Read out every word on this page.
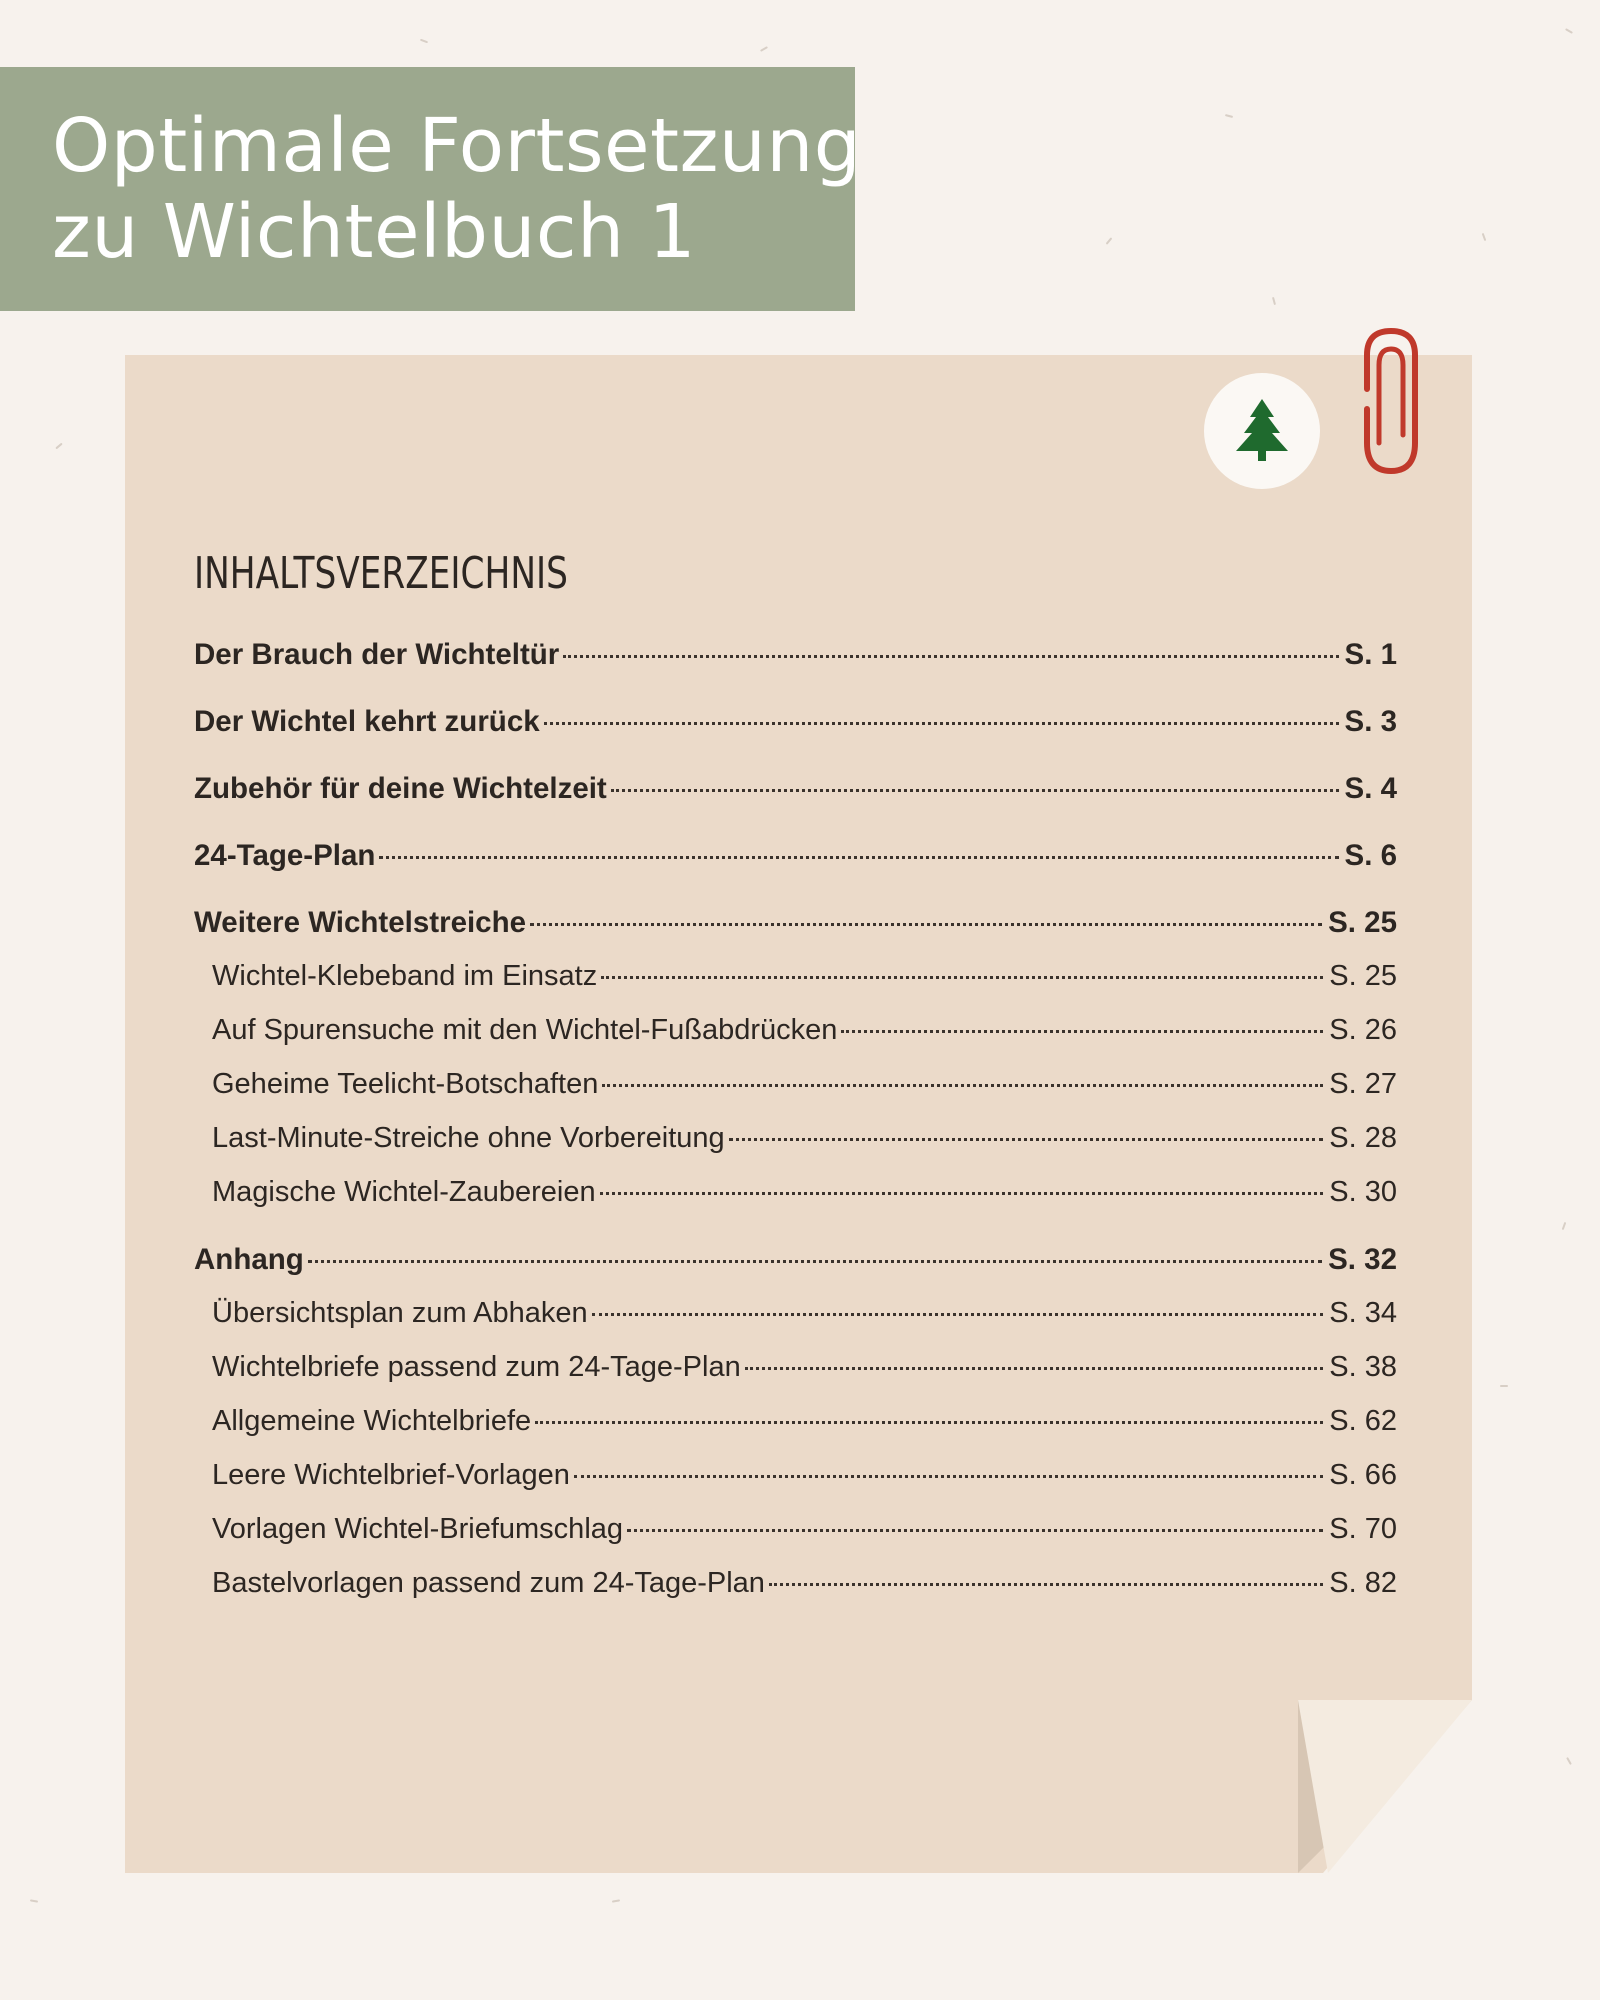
Optimale Fortsetzung
zu Wichtelbuch 1
INHALTSVERZEICHNIS
Der Brauch der Wichteltür	S. 1
Der Wichtel kehrt zurück	S. 3
Zubehör für deine Wichtelzeit	S. 4
24-Tage-Plan	S. 6
Weitere Wichtelstreiche	S. 25
Wichtel-Klebeband im Einsatz	S. 25
Auf Spurensuche mit den Wichtel-Fußabdrücken	S. 26
Geheime Teelicht-Botschaften	S. 27
Last-Minute-Streiche ohne Vorbereitung	S. 28
Magische Wichtel-Zaubereien	S. 30
Anhang	S. 32
Übersichtsplan zum Abhaken	S. 34
Wichtelbriefe passend zum 24-Tage-Plan	S. 38
Allgemeine Wichtelbriefe	S. 62
Leere Wichtelbrief-Vorlagen	S. 66
Vorlagen Wichtel-Briefumschlag	S. 70
Bastelvorlagen passend zum 24-Tage-Plan	S. 82
